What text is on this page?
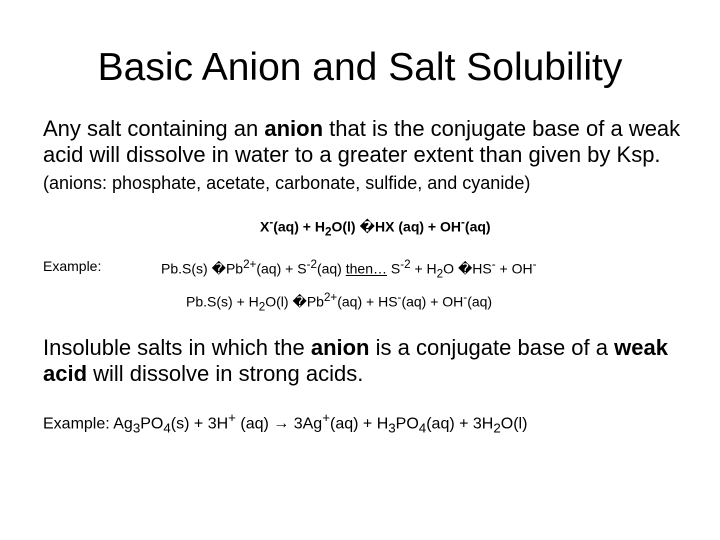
Basic Anion and Salt Solubility
Any salt containing an anion that is the conjugate base of a weak acid will dissolve in water to a greater extent than given by Ksp. (anions: phosphate, acetate, carbonate, sulfide, and cyanide)
$X^-(aq) + H_2O(l)$ �HX (aq) + OH-(aq)
Example:	Pb.S(s) $�Pb^{2+}(aq) + S^{-2}(aq)$ then… $S^{-2} + H_2O$ �HS- + OH-
$Pb.S(s) + H_2O(l)$ $�Pb^{2+}(aq) + HS^-(aq) + OH^-(aq)$
Insoluble salts in which the anion is a conjugate base of a weak acid will dissolve in strong acids.
Example: $Ag_3PO_4(s) + 3H^+$ $(aq) \to 3Ag^+(aq) + H_3PO_4(aq) + 3H_2O(l)$
